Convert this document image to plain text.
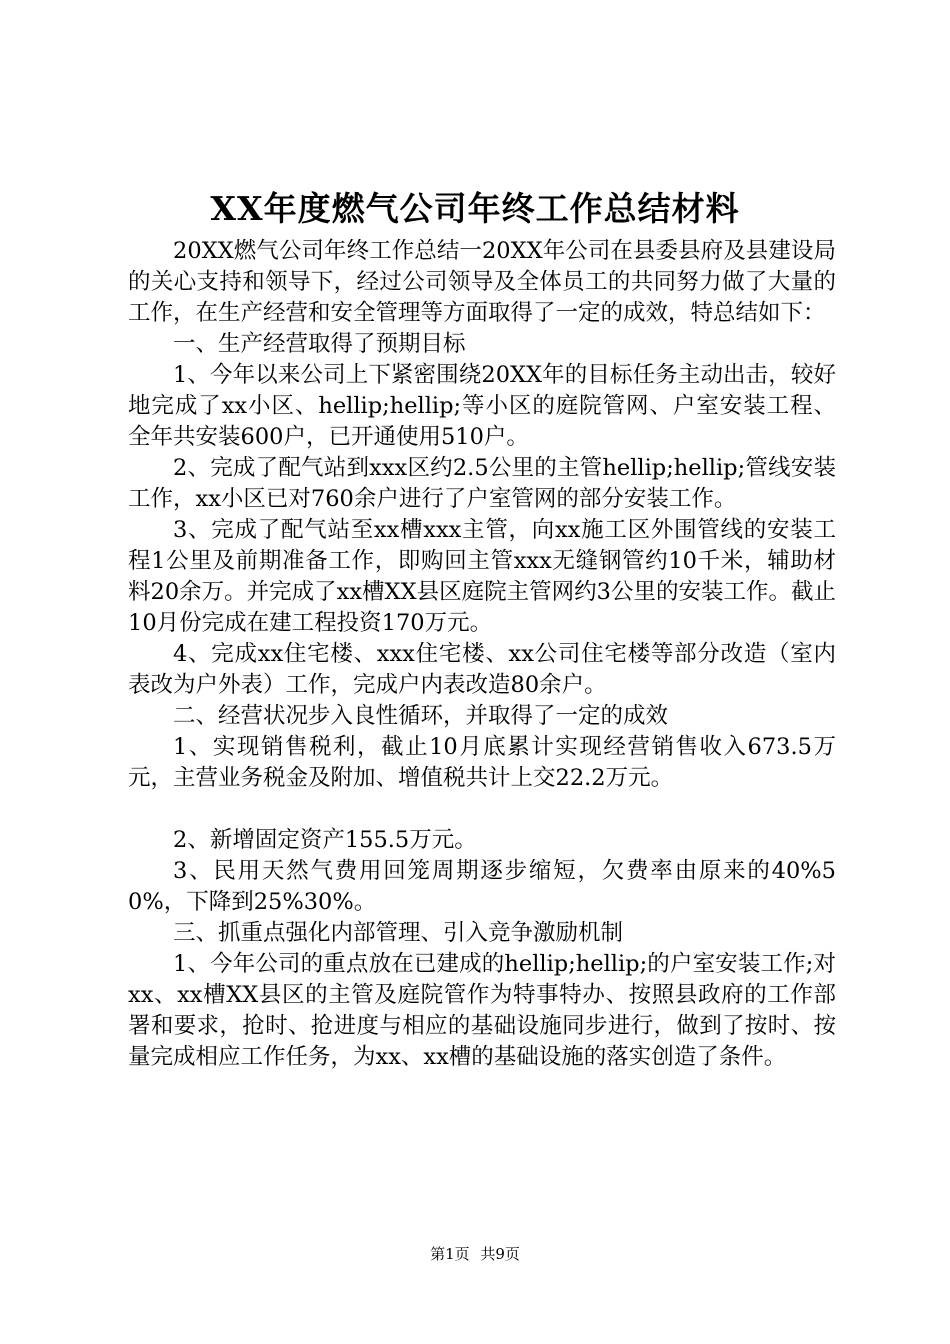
XX年度燃气公司年终工作总结材料

20XX燃气公司年终工作总结一20XX年公司在县委县府及县建设局的关心支持和领导下，经过公司领导及全体员工的共同努力做了大量的工作，在生产经营和安全管理等方面取得了一定的成效，特总结如下：

一、生产经营取得了预期目标

1、今年以来公司上下紧密围绕20XX年的目标任务主动出击，较好地完成了xx小区、hellip;hellip;等小区的庭院管网、户室安装工程、全年共安装600户，已开通使用510户。

2、完成了配气站到xxx区约2.5公里的主管hellip;hellip;管线安装工作，xx小区已对760余户进行了户室管网的部分安装工作。

3、完成了配气站至xx槽xxx主管，向xx施工区外围管线的安装工程1公里及前期准备工作，即购回主管xxx无缝钢管约10千米，辅助材料20余万。并完成了xx槽XX县区庭院主管网约3公里的安装工作。截止10月份完成在建工程投资170万元。

4、完成xx住宅楼、xxx住宅楼、xx公司住宅楼等部分改造（室内表改为户外表）工作，完成户内表改造80余户。

二、经营状况步入良性循环，并取得了一定的成效

1、实现销售税利，截止10月底累计实现经营销售收入673.5万元，主营业务税金及附加、增值税共计上交22.2万元。

2、新增固定资产155.5万元。

3、民用天然气费用回笼周期逐步缩短，欠费率由原来的40%50%，下降到25%30%。

三、抓重点强化内部管理、引入竞争激励机制

1、今年公司的重点放在已建成的hellip;hellip;的户室安装工作;对xx、xx槽XX县区的主管及庭院管作为特事特办、按照县政府的工作部署和要求，抢时、抢进度与相应的基础设施同步进行，做到了按时、按量完成相应工作任务，为xx、xx槽的基础设施的落实创造了条件。

第1页 共9页
